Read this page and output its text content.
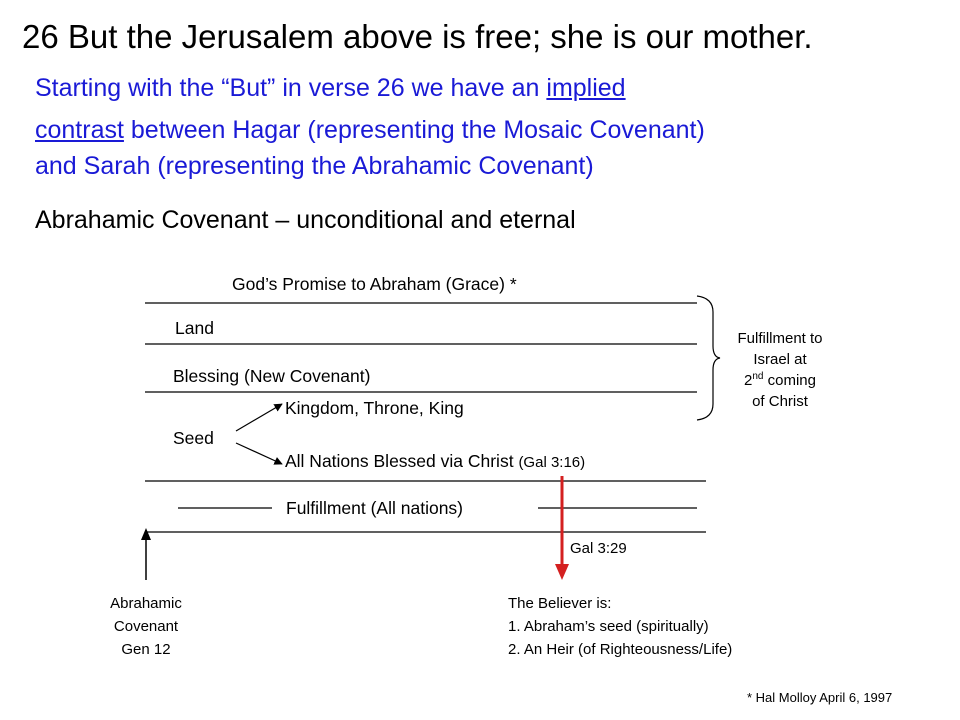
26 But the Jerusalem above is free; she is our mother.
Starting with the “But” in verse 26 we have an implied
contrast between Hagar (representing the Mosaic Covenant)
and Sarah (representing the Abrahamic Covenant)
Abrahamic Covenant – unconditional and eternal
God’s Promise to Abraham (Grace) *
Land
Blessing (New Covenant)
Kingdom, Throne, King
Seed
All Nations Blessed via Christ (Gal 3:16)
Fulfillment (All nations)
Fulfillment to
Israel at
2nd coming
of Christ
Gal 3:29
Abrahamic
Covenant
Gen 12
The Believer is:
1. Abraham’s seed (spiritually)
2. An Heir (of Righteousness/Life)
* Hal Molloy April 6, 1997
